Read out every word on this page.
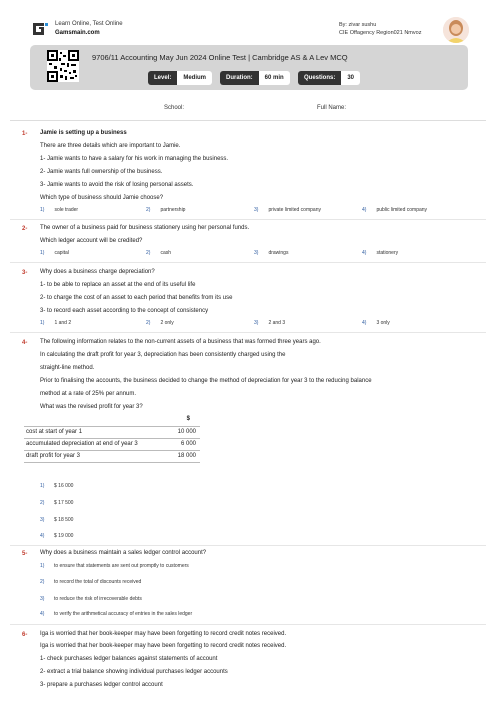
Learn Online, Test Online
Gamsmain.com
By: zivar sushu
CIE Offagency Region021 Nmvoz
9706/11 Accounting May Jun 2024 Online Test | Cambridge AS & A Lev MCQ
Level:	Medium	Duration:	60 min	Questions:	30
School:	Full Name:
1- Jamie is setting up a business
There are three details which are important to Jamie.
1- Jamie wants to have a salary for his work in managing the business.
2- Jamie wants full ownership of the business.
3- Jamie wants to avoid the risk of losing personal assets.
Which type of business should Jamie choose?
1) sole trader	2) partnership	3) private limited company	4) public limited company
2- The owner of a business paid for business stationery using her personal funds.
Which ledger account will be credited?
1) capital	2) cash	3) drawings	4) stationery
3- Why does a business charge depreciation?
1- to be able to replace an asset at the end of its useful life
2- to charge the cost of an asset to each period that benefits from its use
3- to record each asset according to the concept of consistency
1) 1 and 2	2) 2 only	3) 2 and 3	4) 3 only
4- The following information relates to the non-current assets of a business that was formed three years ago.
In calculating the draft profit for year 3, depreciation has been consistently charged using the
straight-line method.
Prior to finalising the accounts, the business decided to change the method of depreciation for year 3 to the reducing balance
method at a rate of 25% per annum.
What was the revised profit for year 3?
$
cost at start of year 1	10 000
accumulated depreciation at end of year 3	6 000
draft profit for year 3	18 000
1) $ 16 000
2) $ 17 500
3) $ 18 500
4) $ 19 000
5- Why does a business maintain a sales ledger control account?
1) to ensure that statements are sent out promptly to customers
2) to record the total of discounts received
3) to reduce the risk of irrecoverable debts
4) to verify the arithmetical accuracy of entries in the sales ledger
6- Iga is worried that her book-keeper may have been forgetting to record credit notes received.
Iga is worried that her book-keeper may have been forgetting to record credit notes received.
1- check purchases ledger balances against statements of account
2- extract a trial balance showing individual purchases ledger accounts
3- prepare a purchases ledger control account
